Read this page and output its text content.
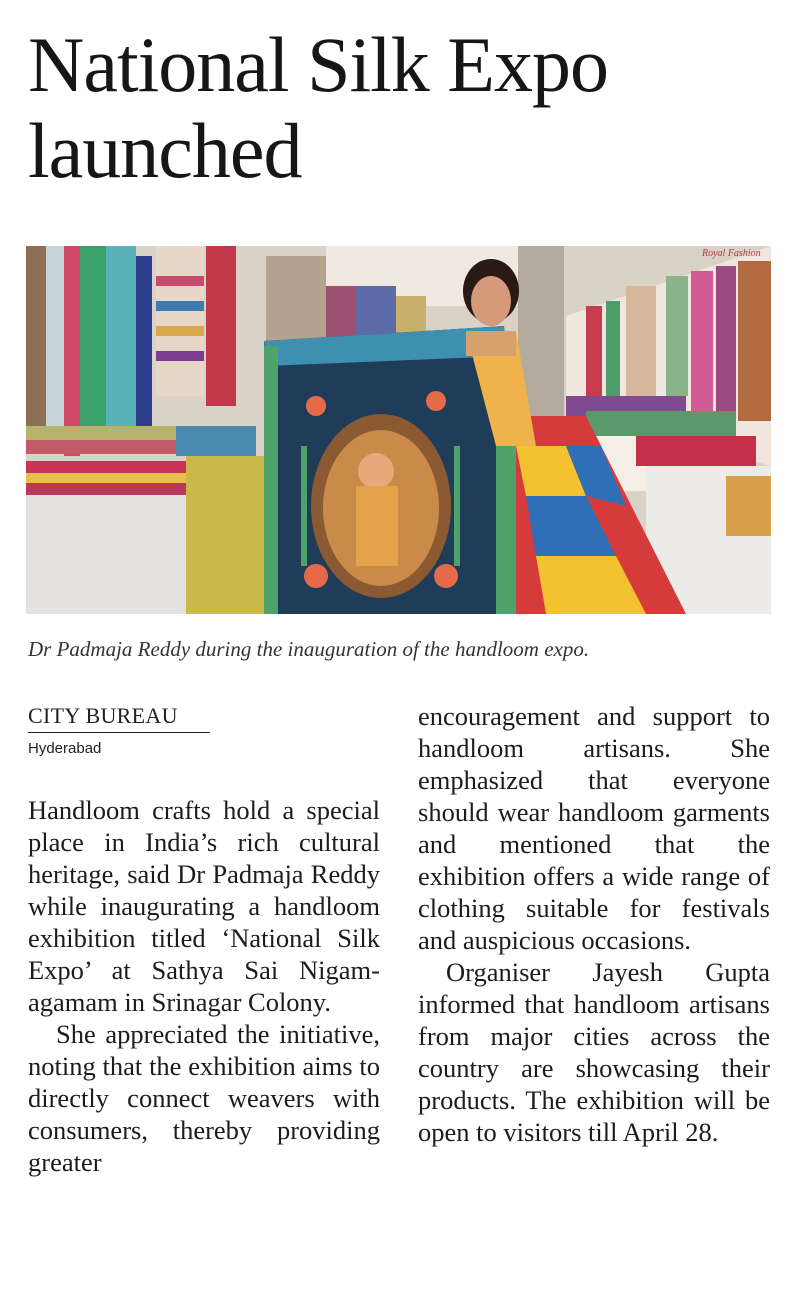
National Silk Expo launched
Royal Fashion
Dr Padmaja Reddy during the inauguration of the handloom expo.
CITY BUREAU
Hyderabad

Handloom crafts hold a special place in India’s rich cultural heritage, said Dr Padmaja Reddy while inaugurating a handloom exhibition titled ‘National Silk Expo’ at Sathya Sai Nigamagamam in Srinagar Colony.

She appreciated the initiative, noting that the exhibition aims to directly connect weavers with consumers, thereby providing greater

encouragement and support to handloom artisans. She emphasized that everyone should wear handloom garments and mentioned that the exhibition offers a wide range of clothing suitable for festivals and auspicious occasions.

Organiser Jayesh Gupta informed that handloom artisans from major cities across the country are showcasing their products. The exhibition will be open to visitors till April 28.
